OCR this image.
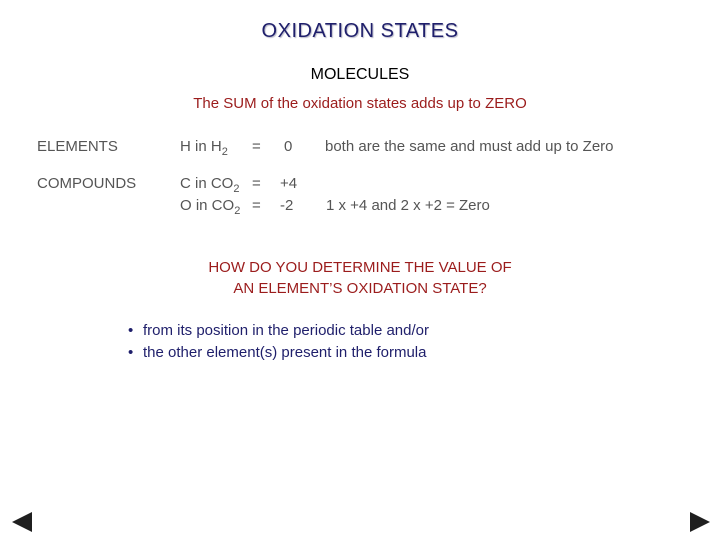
OXIDATION STATES
MOLECULES
The SUM of the oxidation states adds up to ZERO
ELEMENTS	H in $H_2 = 0$ both are the same and must add up to Zero
COMPOUNDS	C in $CO_2 = +4$
O in $CO_2 = -2$ 1 x +4 and 2 x +2 = Zero
HOW DO YOU DETERMINE THE VALUE OF
AN ELEMENT’S OXIDATION STATE?
• from its position in the periodic table and/or
• the other element(s) present in the formula
